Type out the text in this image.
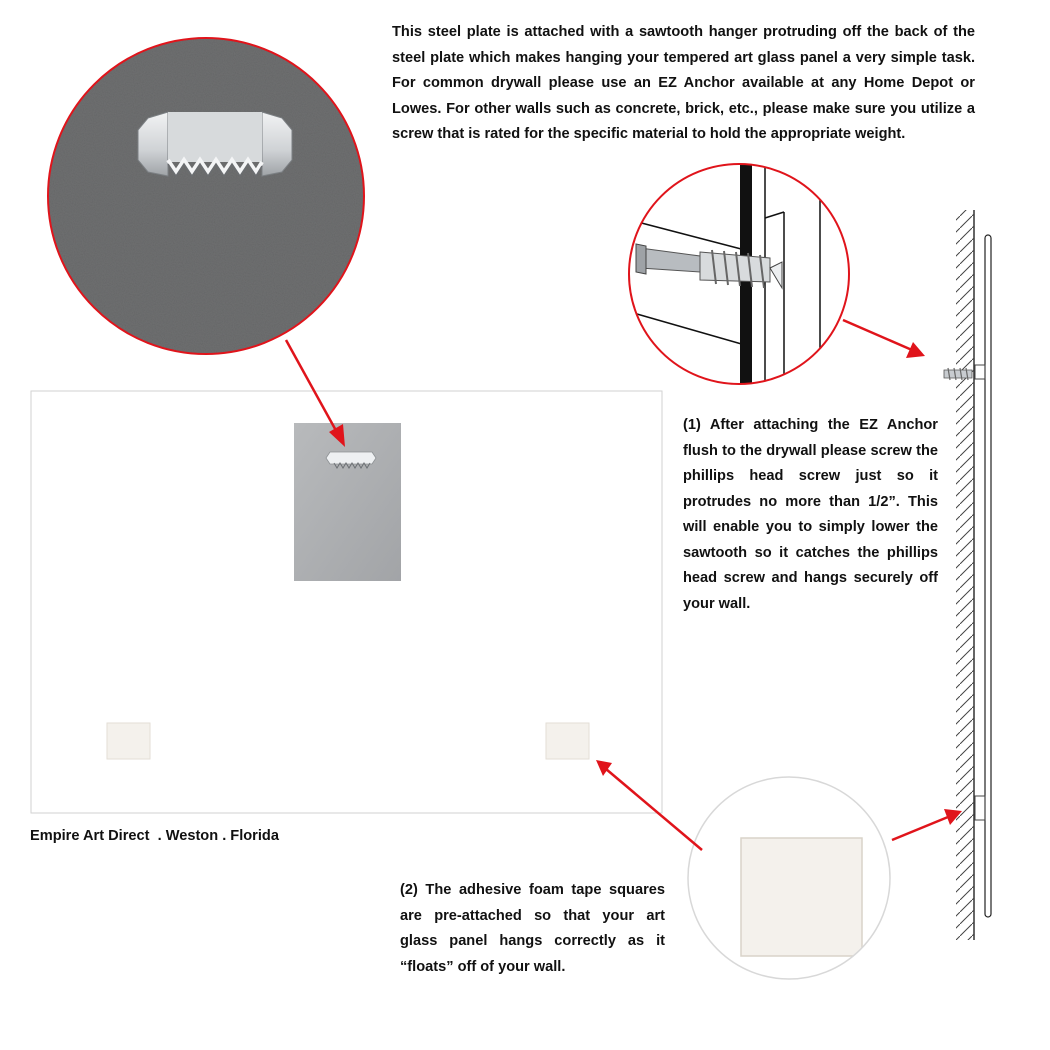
This steel plate is attached with a sawtooth hanger protruding off the back of the steel plate which makes hanging your tempered art glass panel a very simple task. For common drywall please use an EZ Anchor available at any Home Depot or Lowes. For other walls such as concrete, brick, etc., please make sure you utilize a screw that is rated for the specific material to hold the appropriate weight.

(1) After attaching the EZ Anchor flush to the drywall please screw the phillips head screw just so it protrudes no more than 1/2”. This will enable you to simply lower the sawtooth so it catches the phillips head screw and hangs securely off your wall.

(2) The adhesive foam tape squares are pre-attached so that your art glass panel hangs correctly as it “floats” off of your wall.

Empire Art Direct  . Weston . Florida
